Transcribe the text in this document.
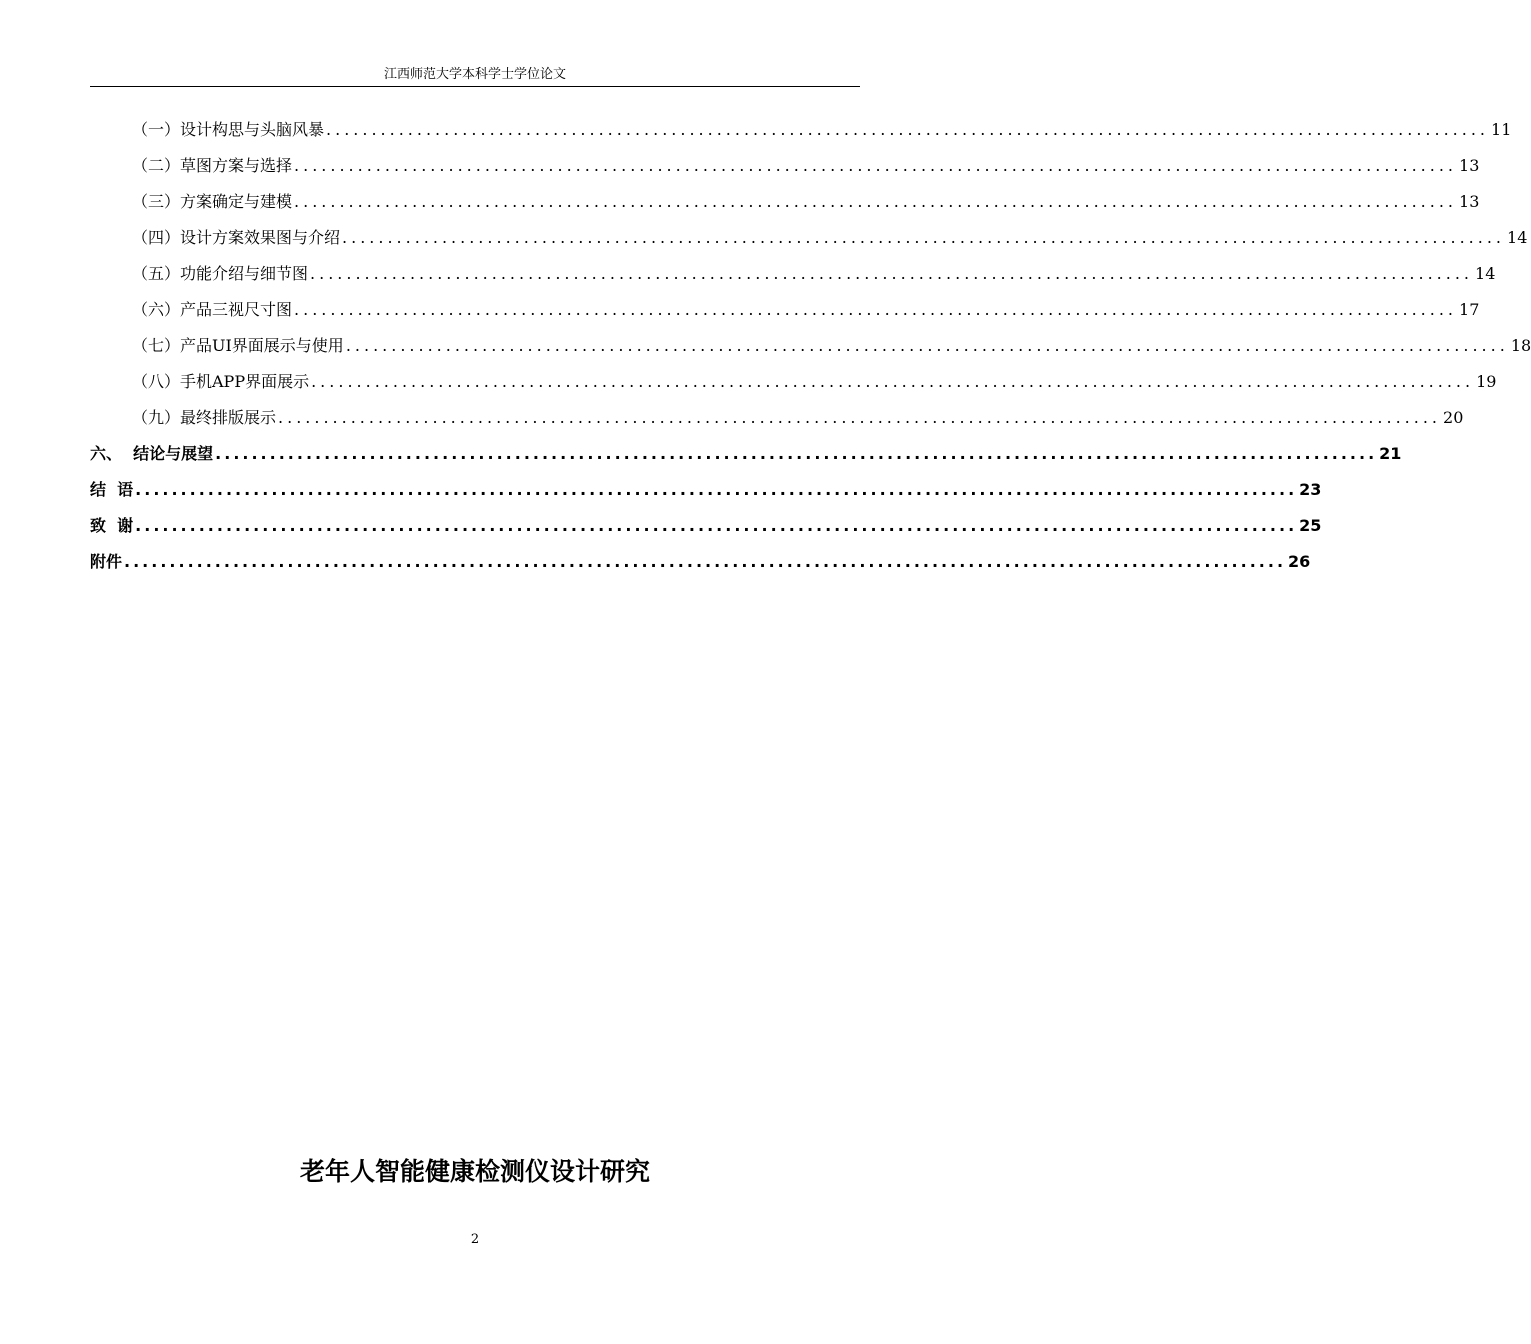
江西师范大学本科学士学位论文
（一）设计构思与头脑风暴 ................................................................................................................................ 11
（二）草图方案与选择 ................................................................................................................................ 13
（三）方案确定与建模 ................................................................................................................................ 13
（四）设计方案效果图与介绍 ................................................................................................................................ 14
（五）功能介绍与细节图 ................................................................................................................................ 14
（六）产品三视尺寸图 ................................................................................................................................ 17
（七）产品UI界面展示与使用 ................................................................................................................................ 18
（八）手机APP界面展示 ................................................................................................................................ 19
（九）最终排版展示 ................................................................................................................................ 20
六、  结论与展望 ................................................................................................................................ 21
结  语 ................................................................................................................................ 23
致  谢 ................................................................................................................................ 25
附件 ................................................................................................................................ 26
老年人智能健康检测仪设计研究
2
